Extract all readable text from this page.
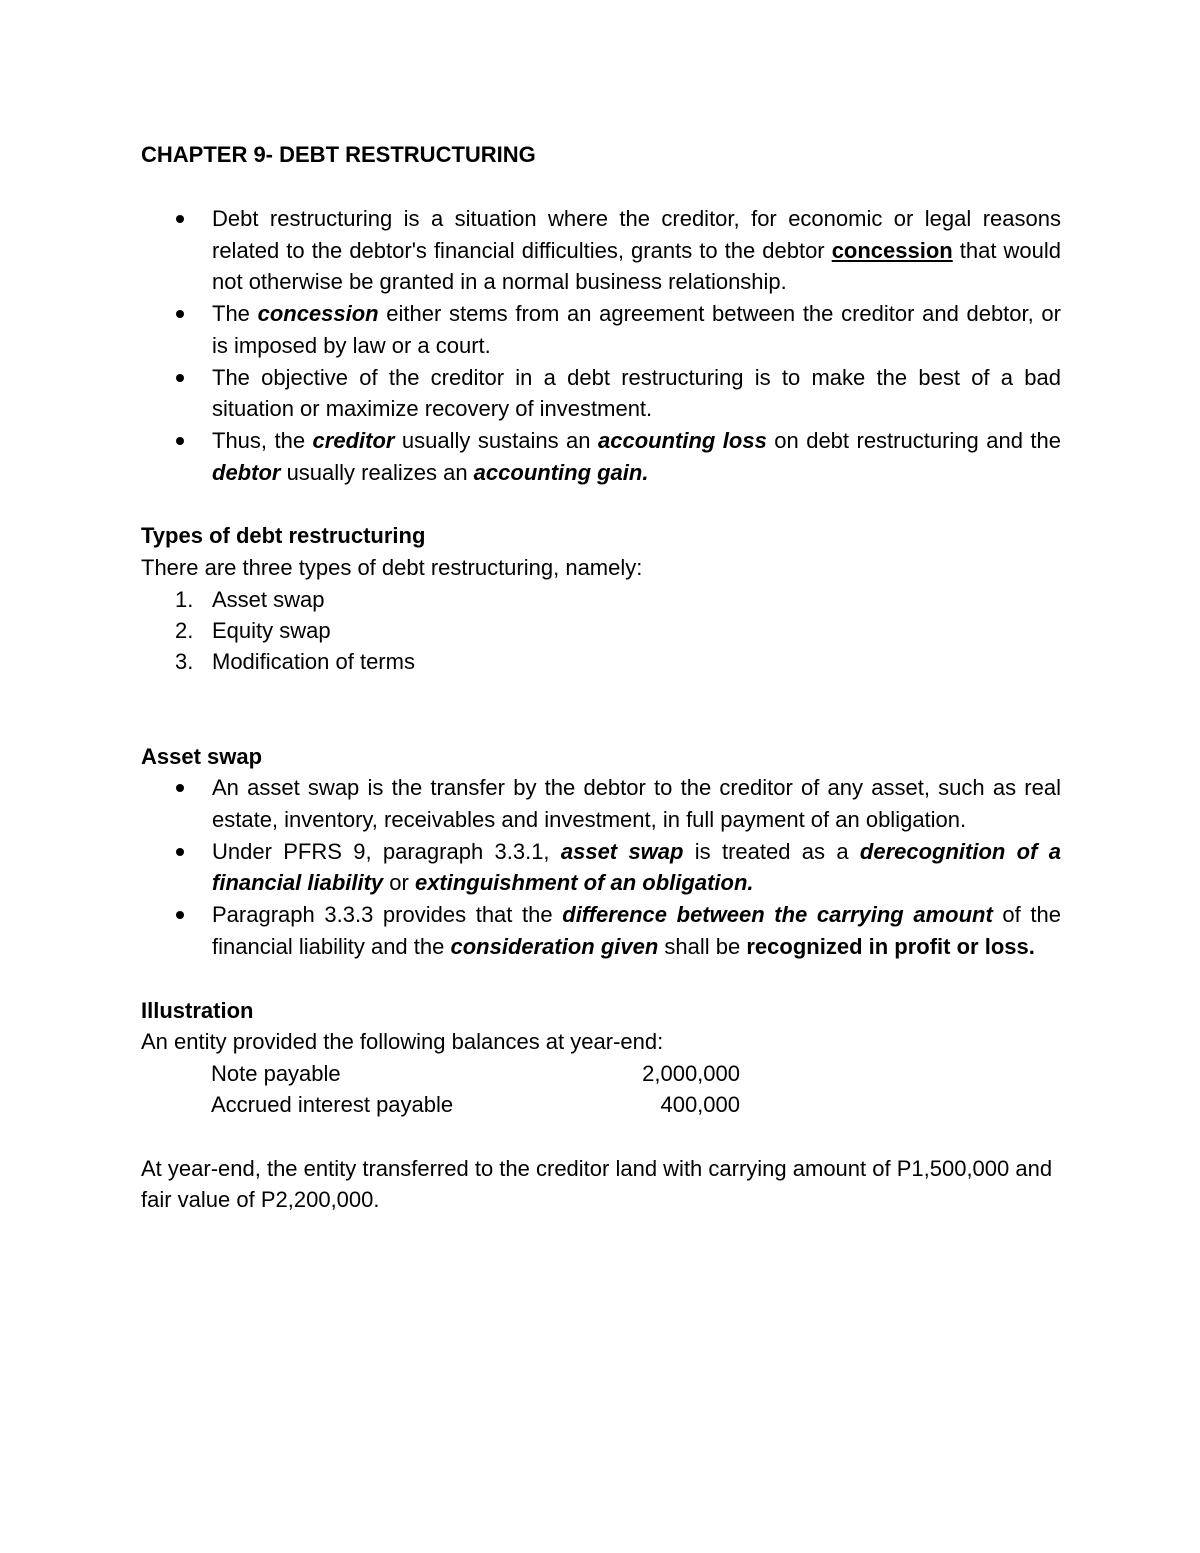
CHAPTER 9- DEBT RESTRUCTURING
Debt restructuring is a situation where the creditor, for economic or legal reasons related to the debtor's financial difficulties, grants to the debtor concession that would not otherwise be granted in a normal business relationship.
The concession either stems from an agreement between the creditor and debtor, or is imposed by law or a court.
The objective of the creditor in a debt restructuring is to make the best of a bad situation or maximize recovery of investment.
Thus, the creditor usually sustains an accounting loss on debt restructuring and the debtor usually realizes an accounting gain.
Types of debt restructuring

There are three types of debt restructuring, namely:

1. Asset swap
2. Equity swap
3. Modification of terms
Asset swap
An asset swap is the transfer by the debtor to the creditor of any asset, such as real estate, inventory, receivables and investment, in full payment of an obligation.
Under PFRS 9, paragraph 3.3.1, asset swap is treated as a derecognition of a financial liability or extinguishment of an obligation.
Paragraph 3.3.3 provides that the difference between the carrying amount of the financial liability and the consideration given shall be recognized in profit or loss.
Illustration

An entity provided the following balances at year-end:

Note payable	2,000,000
Accrued interest payable	400,000

At year-end, the entity transferred to the creditor land with carrying amount of P1,500,000 and fair value of P2,200,000.
